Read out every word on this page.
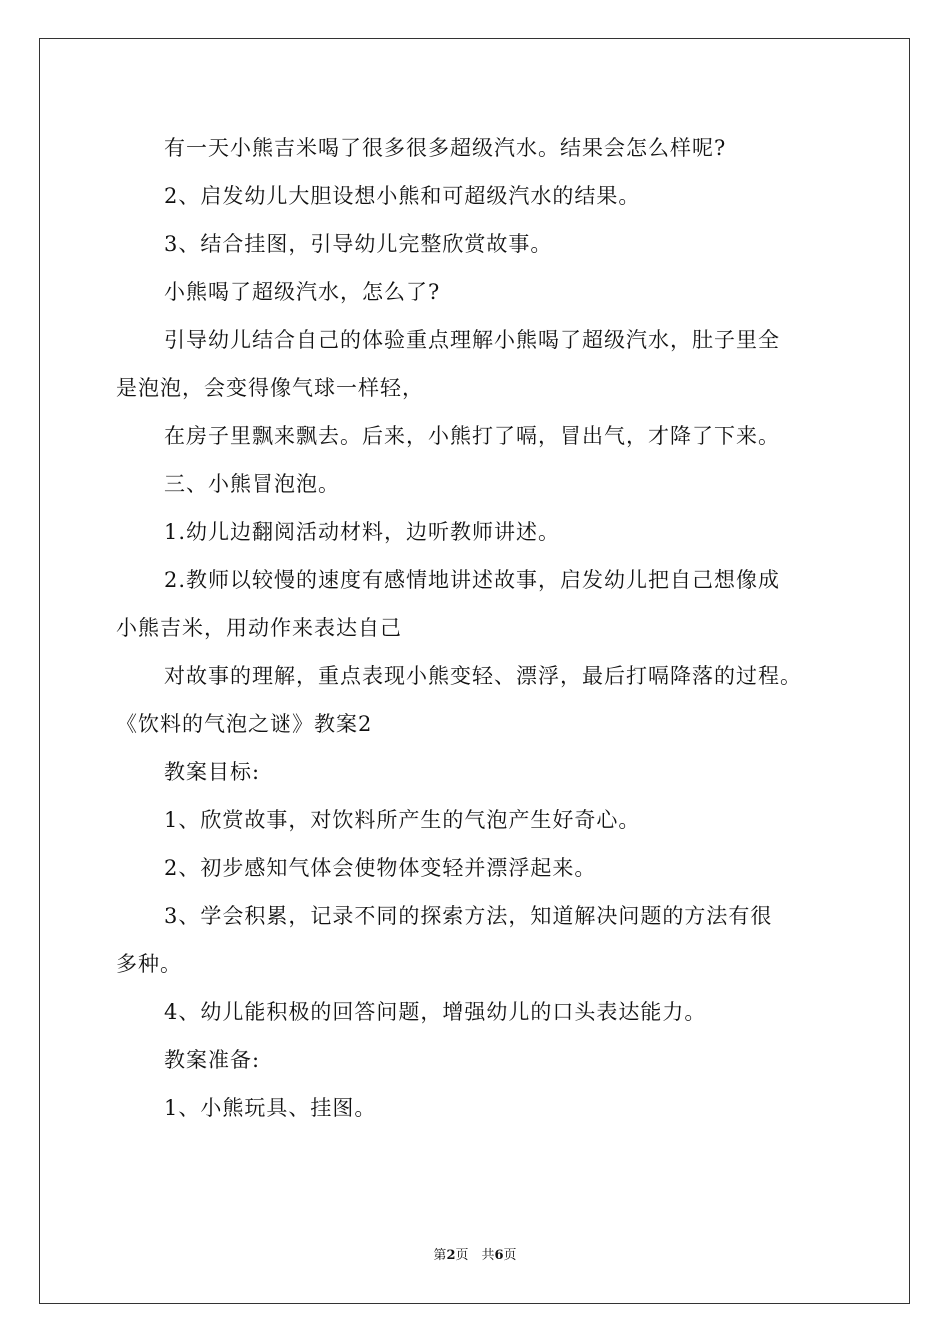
有一天小熊吉米喝了很多很多超级汽水。结果会怎么样呢?
2、启发幼儿大胆设想小熊和可超级汽水的结果。
3、结合挂图，引导幼儿完整欣赏故事。
小熊喝了超级汽水，怎么了?
引导幼儿结合自己的体验重点理解小熊喝了超级汽水，肚子里全
是泡泡，会变得像气球一样轻，
在房子里飘来飘去。后来，小熊打了嗝，冒出气，才降了下来。
三、小熊冒泡泡。
1.幼儿边翻阅活动材料，边听教师讲述。
2.教师以较慢的速度有感情地讲述故事，启发幼儿把自己想像成
小熊吉米，用动作来表达自己
对故事的理解，重点表现小熊变轻、漂浮，最后打嗝降落的过程。
《饮料的气泡之谜》教案2
教案目标:
1、欣赏故事，对饮料所产生的气泡产生好奇心。
2、初步感知气体会使物体变轻并漂浮起来。
3、学会积累，记录不同的探索方法，知道解决问题的方法有很
多种。
4、幼儿能积极的回答问题，增强幼儿的口头表达能力。
教案准备:
1、小熊玩具、挂图。
第2页　共6页
